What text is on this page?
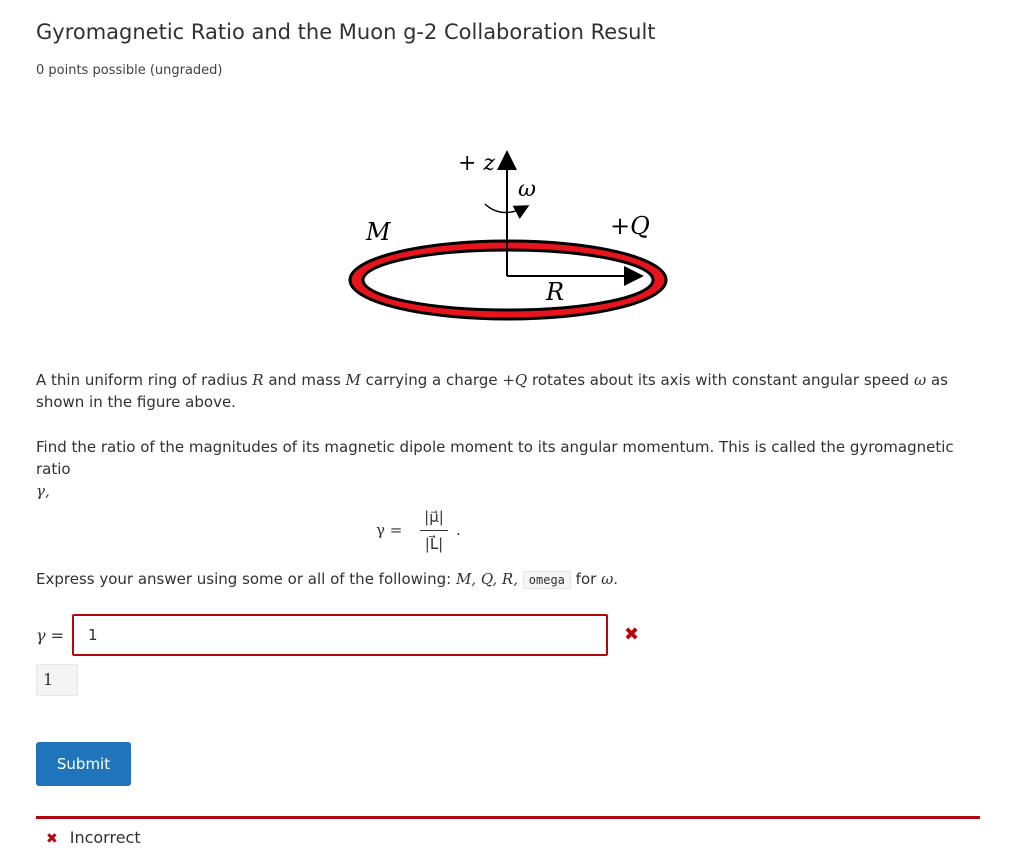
Gyromagnetic Ratio and the Muon g-2 Collaboration Result
0 points possible (ungraded)
+ z
ω
M	+Q
R
A thin uniform ring of radius R and mass M carrying a charge +Q rotates about its axis with constant angular speed ω as shown in the figure above.
Find the ratio of the magnitudes of its magnetic dipole moment to its angular momentum. This is called the gyromagnetic ratio
γ,
γ =
|μ⃗|
|L⃗|
.
Express your answer using some or all of the following: M, Q, R, omega for ω.
γ =
1	✖
1
Submit
✖ Incorrect
